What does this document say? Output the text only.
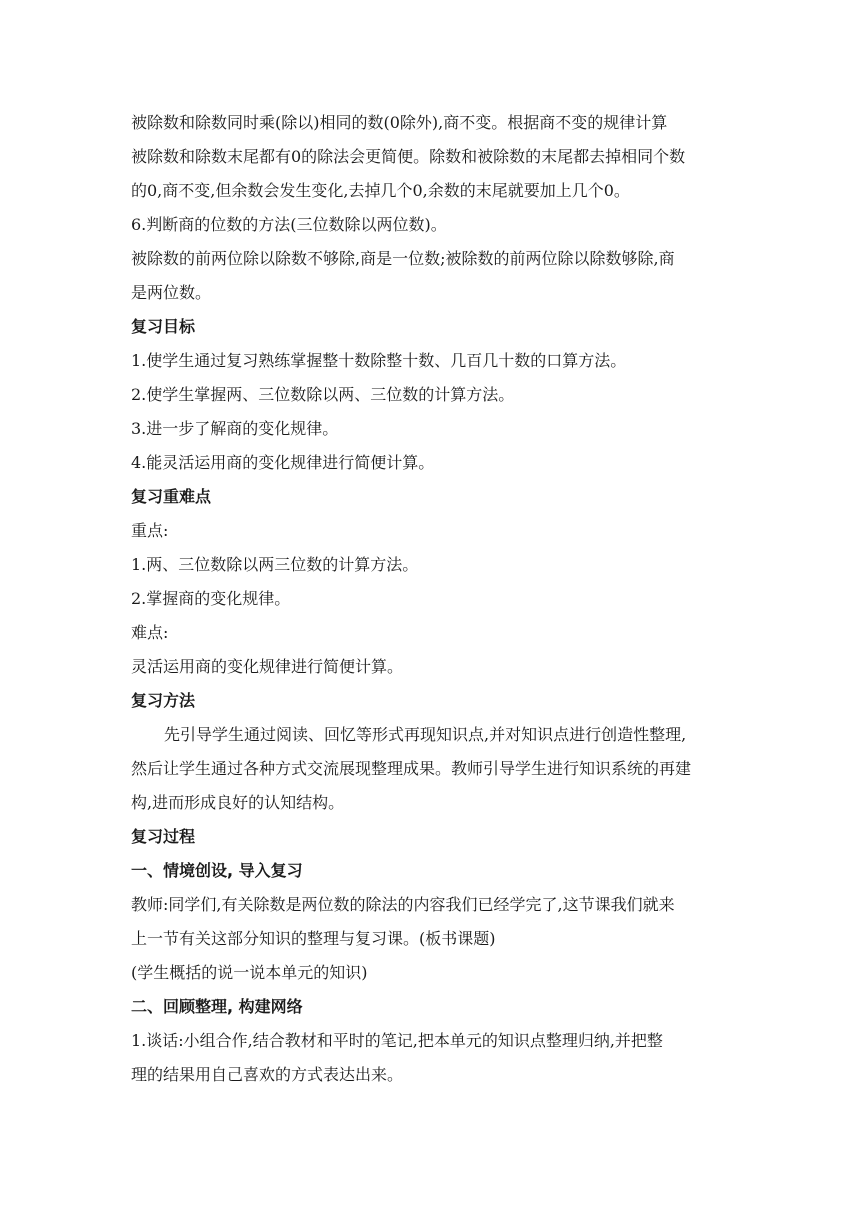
被除数和除数同时乘(除以)相同的数(0除外),商不变。根据商不变的规律计算
被除数和除数末尾都有0的除法会更简便。除数和被除数的末尾都去掉相同个数
的0,商不变,但余数会发生变化,去掉几个0,余数的末尾就要加上几个0。
6.判断商的位数的方法(三位数除以两位数)。
被除数的前两位除以除数不够除,商是一位数;被除数的前两位除以除数够除,商
是两位数。
复习目标
1.使学生通过复习熟练掌握整十数除整十数、几百几十数的口算方法。
2.使学生掌握两、三位数除以两、三位数的计算方法。
3.进一步了解商的变化规律。
4.能灵活运用商的变化规律进行简便计算。
复习重难点
重点:
1.两、三位数除以两三位数的计算方法。
2.掌握商的变化规律。
难点:
灵活运用商的变化规律进行简便计算。
复习方法
先引导学生通过阅读、回忆等形式再现知识点,并对知识点进行创造性整理,
然后让学生通过各种方式交流展现整理成果。教师引导学生进行知识系统的再建
构,进而形成良好的认知结构。
复习过程
一、情境创设, 导入复习
教师:同学们,有关除数是两位数的除法的内容我们已经学完了,这节课我们就来
上一节有关这部分知识的整理与复习课。(板书课题)
(学生概括的说一说本单元的知识)
二、回顾整理, 构建网络
1.谈话:小组合作,结合教材和平时的笔记,把本单元的知识点整理归纳,并把整
理的结果用自己喜欢的方式表达出来。
